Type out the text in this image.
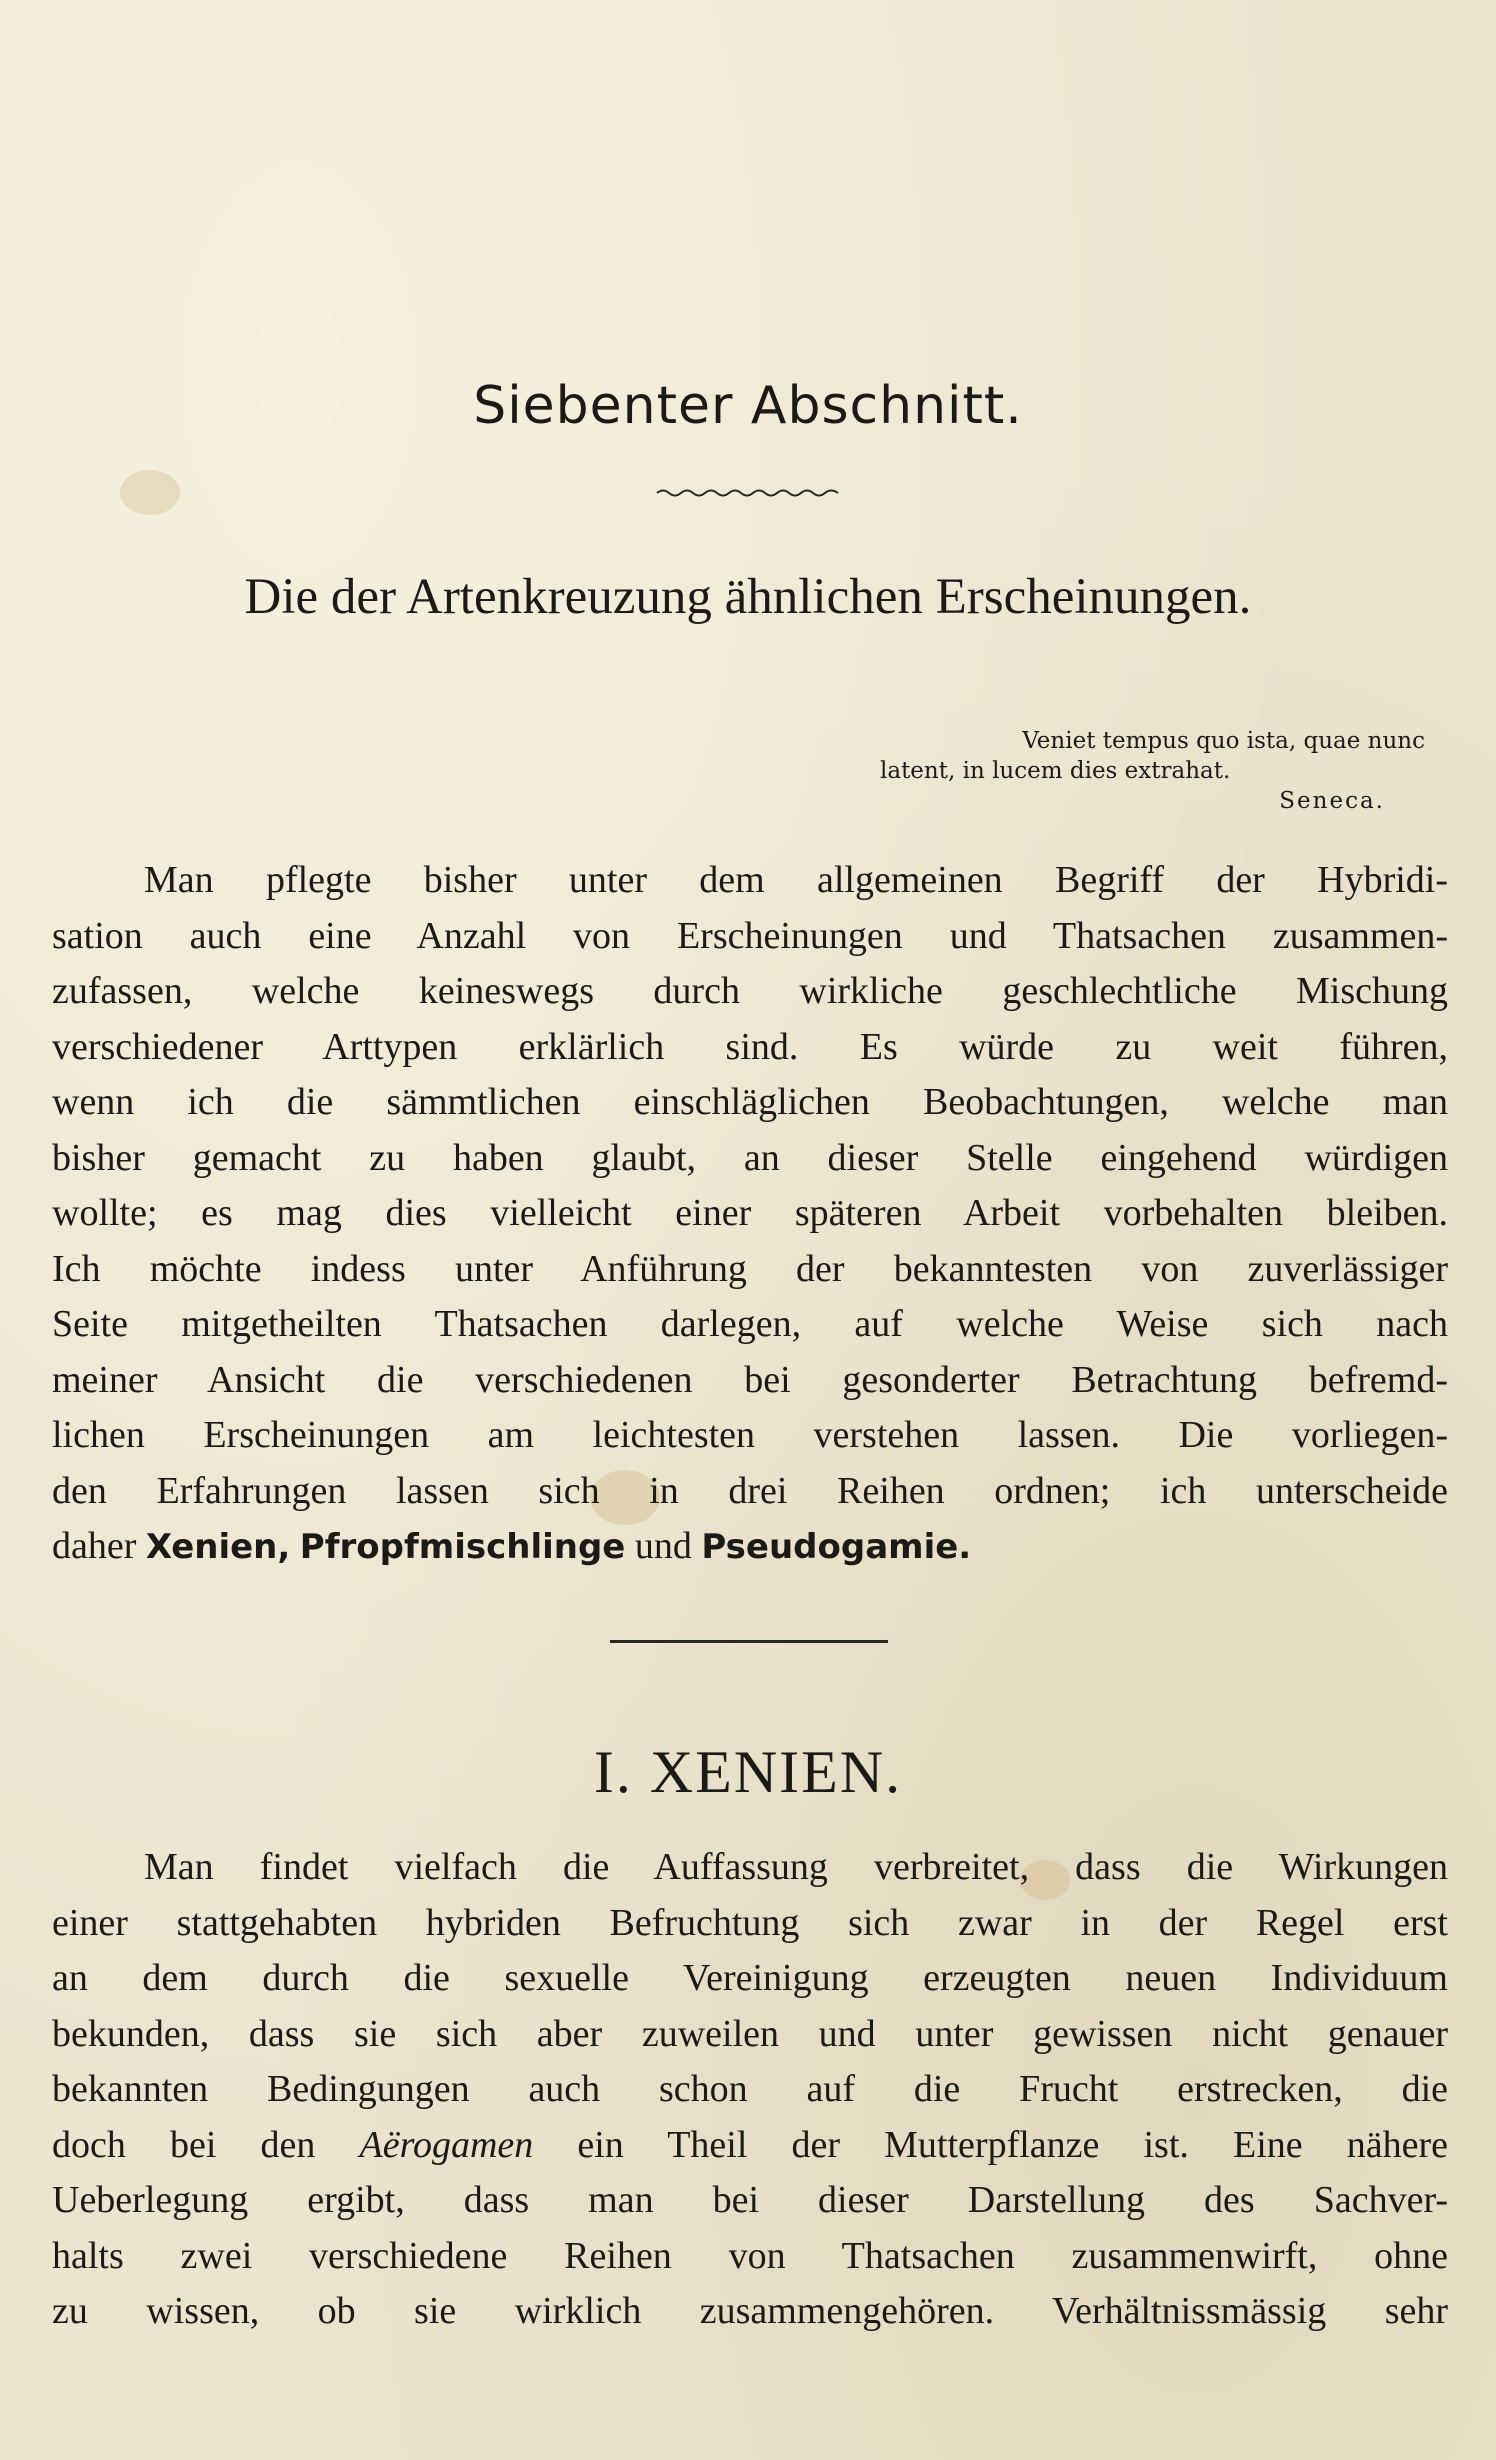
Siebenter Abschnitt.
Die der Artenkreuzung ähnlichen Erscheinungen.
Veniet tempus quo ista, quae nunc
latent, in lucem dies extrahat.
Seneca.
Man pflegte bisher unter dem allgemeinen Begriff der Hybridi-
sation auch eine Anzahl von Erscheinungen und Thatsachen zusammen-
zufassen, welche keineswegs durch wirkliche geschlechtliche Mischung
verschiedener Arttypen erklärlich sind. Es würde zu weit führen,
wenn ich die sämmtlichen einschläglichen Beobachtungen, welche man
bisher gemacht zu haben glaubt, an dieser Stelle eingehend würdigen
wollte; es mag dies vielleicht einer späteren Arbeit vorbehalten bleiben.
Ich möchte indess unter Anführung der bekanntesten von zuverlässiger
Seite mitgetheilten Thatsachen darlegen, auf welche Weise sich nach
meiner Ansicht die verschiedenen bei gesonderter Betrachtung befremd-
lichen Erscheinungen am leichtesten verstehen lassen. Die vorliegen-
den Erfahrungen lassen sich in drei Reihen ordnen; ich unterscheide
daher Xenien, Pfropfmischlinge und Pseudogamie.
I. XENIEN.
Man findet vielfach die Auffassung verbreitet, dass die Wirkungen
einer stattgehabten hybriden Befruchtung sich zwar in der Regel erst
an dem durch die sexuelle Vereinigung erzeugten neuen Individuum
bekunden, dass sie sich aber zuweilen und unter gewissen nicht genauer
bekannten Bedingungen auch schon auf die Frucht erstrecken, die
doch bei den Aërogamen ein Theil der Mutterpflanze ist. Eine nähere
Ueberlegung ergibt, dass man bei dieser Darstellung des Sachver-
halts zwei verschiedene Reihen von Thatsachen zusammenwirft, ohne
zu wissen, ob sie wirklich zusammengehören. Verhältnissmässig sehr
